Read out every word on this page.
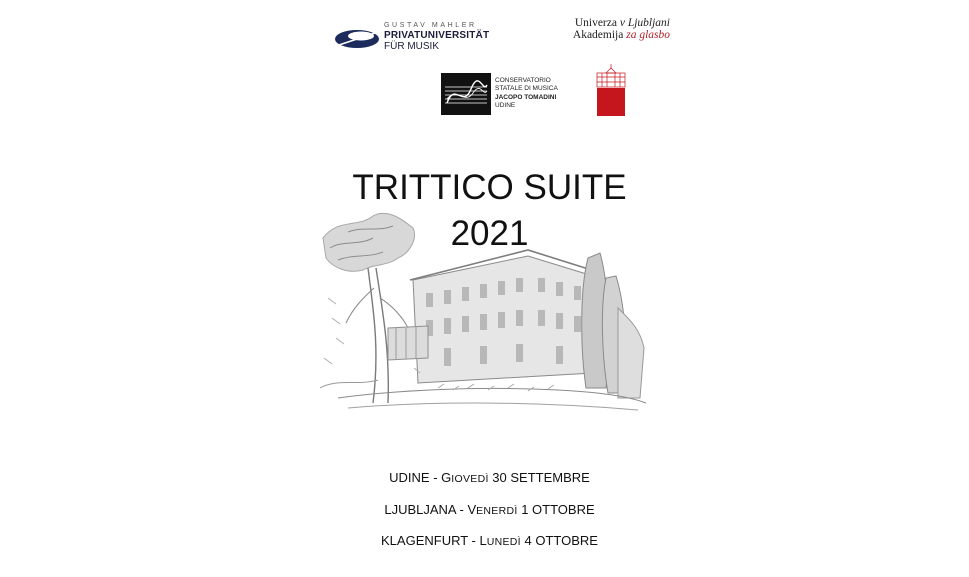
GUSTAV MAHLER
PRIVATUNIVERSITÄT
FÜR MUSIK
Univerza v Ljubljani
Akademija za glasbo
CONSERVATORIO
STATALE DI MUSICA
JACOPO TOMADINI
UDINE
TRITTICO SUITE
2021
UDINE - GIOVEDÌ 30 SETTEMBRE
LJUBLJANA - VENERDÌ 1 OTTOBRE
KLAGENFURT - LUNEDÌ 4 OTTOBRE
